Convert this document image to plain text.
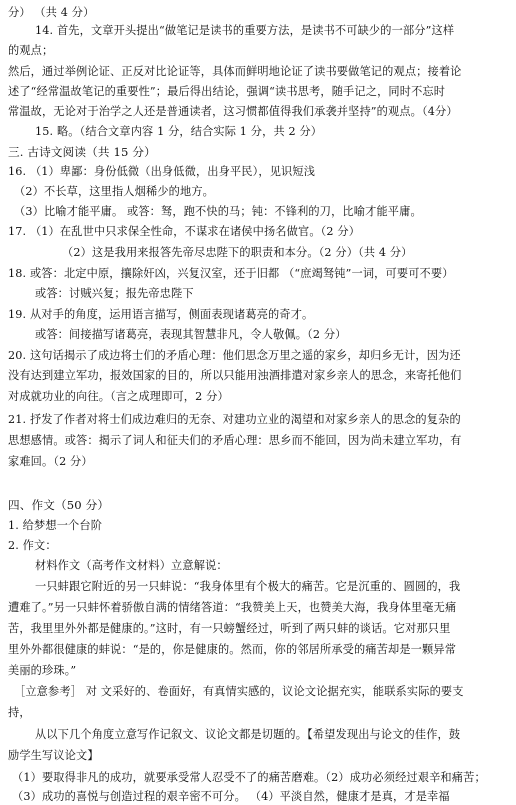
分） （共 4 分）
14. 首先，文章开头提出“做笔记是读书的重要方法，是读书不可缺少的一部分”这样
的观点；
然后，通过举例论证、正反对比论证等，具体而鲜明地论证了读书要做笔记的观点；接着论
述了“经常温故笔记的重要性”；最后得出结论，强调“读书思考，随手记之，同时不忘时
常温故，无论对于治学之人还是普通读者，这习惯都值得我们承袭并坚持”的观点。（4分）
15. 略。（结合文章内容 1 分，结合实际 1 分，共 2 分）
三. 古诗文阅读（共 15 分）
16. （1）卑鄙：身份低微（出身低微，出身平民），见识短浅
（2）不长草，这里指人烟稀少的地方。
（3）比喻才能平庸。 或答：驽，跑不快的马；钝：不锋利的刀，比喻才能平庸。
17. （1）在乱世中只求保全性命，不谋求在诸侯中扬名做官。（2 分）
（2）这是我用来报答先帝尽忠陛下的职责和本分。（2 分）（共 4 分）
18. 或答：北定中原，攘除奸凶，兴复汉室，还于旧都 （“庶竭驽钝”一词，可要可不要）
或答：讨贼兴复；报先帝忠陛下
19. 从对手的角度，运用语言描写，侧面表现诸葛亮的奇才。
或答：间接描写诸葛亮，表现其智慧非凡，令人敬佩。（2 分）
20. 这句话揭示了成边将士们的矛盾心理：他们思念万里之遥的家乡，却归乡无计，因为还
没有达到建立军功，报效国家的目的，所以只能用浊酒排遣对家乡亲人的思念，来寄托他们
对成就功业的向往。（言之成理即可，2 分）
21. 抒发了作者对将士们成边难归的无奈、对建功立业的渴望和对家乡亲人的思念的复杂的
思想感情。或答：揭示了词人和征夫们的矛盾心理：思乡而不能回，因为尚未建立军功，有
家难回。（2 分）
四、作文（50 分）
1. 给梦想一个台阶
2. 作文：
材料作文（高考作文材料）立意解说：
一只蚌跟它附近的另一只蚌说：“我身体里有个极大的痛苦。它是沉重的、圆圆的，我
遭难了。”另一只蚌怀着骄傲自满的情绪答道：“我赞美上天，也赞美大海，我身体里毫无痛
苦，我里里外外都是健康的。”这时，有一只螃蟹经过，听到了两只蚌的谈话。它对那只里
里外外都很健康的蚌说：“是的，你是健康的。然而，你的邻居所承受的痛苦却是一颗异常
美丽的珍珠。”
［立意参考］ 对 文采好的、卷面好，有真情实感的，议论文论据充实，能联系实际的要支
持，
从以下几个角度立意写作记叙文、议论文都是切题的。【希望发现出与论文的佳作，鼓
励学生写议论文】
（1）要取得非凡的成功，就要承受常人忍受不了的痛苦磨难。（2）成功必须经过艰辛和痛苦；
（3）成功的喜悦与创造过程的艰辛密不可分。 （4）平淡自然，健康才是真，才是幸福
